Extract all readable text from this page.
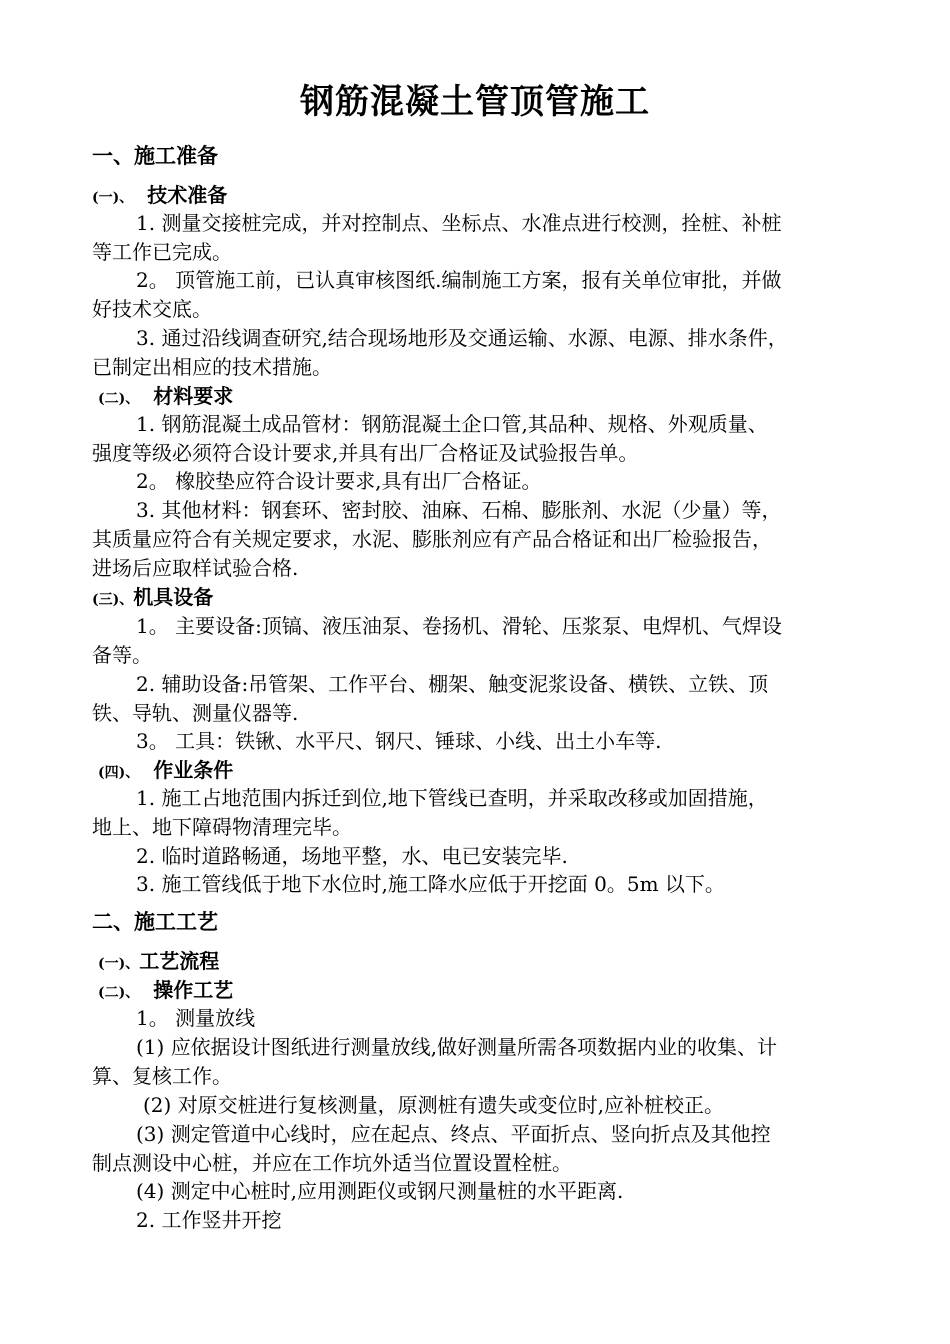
钢筋混凝土管顶管施工
一、施工准备
(一)、 技术准备
1. 测量交接桩完成，并对控制点、坐标点、水准点进行校测，拴桩、补桩
等工作已完成。
2。 顶管施工前，已认真审核图纸.编制施工方案，报有关单位审批，并做
好技术交底。
3. 通过沿线调查研究,结合现场地形及交通运输、水源、电源、排水条件，
已制定出相应的技术措施。
(二)、 材料要求
1. 钢筋混凝土成品管材：钢筋混凝土企口管,其品种、规格、外观质量、
强度等级必须符合设计要求,并具有出厂合格证及试验报告单。
2。 橡胶垫应符合设计要求,具有出厂合格证。
3. 其他材料：钢套环、密封胶、油麻、石棉、膨胀剂、水泥（少量）等，
其质量应符合有关规定要求，水泥、膨胀剂应有产品合格证和出厂检验报告，
进场后应取样试验合格.
(三)、机具设备
1。 主要设备:顶镐、液压油泵、卷扬机、滑轮、压浆泵、电焊机、气焊设
备等。
2. 辅助设备:吊管架、工作平台、棚架、触变泥浆设备、横铁、立铁、顶
铁、导轨、测量仪器等.
3。 工具：铁锹、水平尺、钢尺、锤球、小线、出土小车等.
(四)、 作业条件
1. 施工占地范围内拆迁到位,地下管线已查明，并采取改移或加固措施，
地上、地下障碍物清理完毕。
2. 临时道路畅通，场地平整，水、电已安装完毕.
3. 施工管线低于地下水位时,施工降水应低于开挖面 0。5m 以下。
二、施工工艺
(一)、工艺流程
(二)、 操作工艺
1。 测量放线
(1) 应依据设计图纸进行测量放线,做好测量所需各项数据内业的收集、计
算、复核工作。
(2) 对原交桩进行复核测量，原测桩有遗失或变位时,应补桩校正。
(3) 测定管道中心线时，应在起点、终点、平面折点、竖向折点及其他控
制点测设中心桩，并应在工作坑外适当位置设置栓桩。
(4) 测定中心桩时,应用测距仪或钢尺测量桩的水平距离.
2. 工作竖井开挖
